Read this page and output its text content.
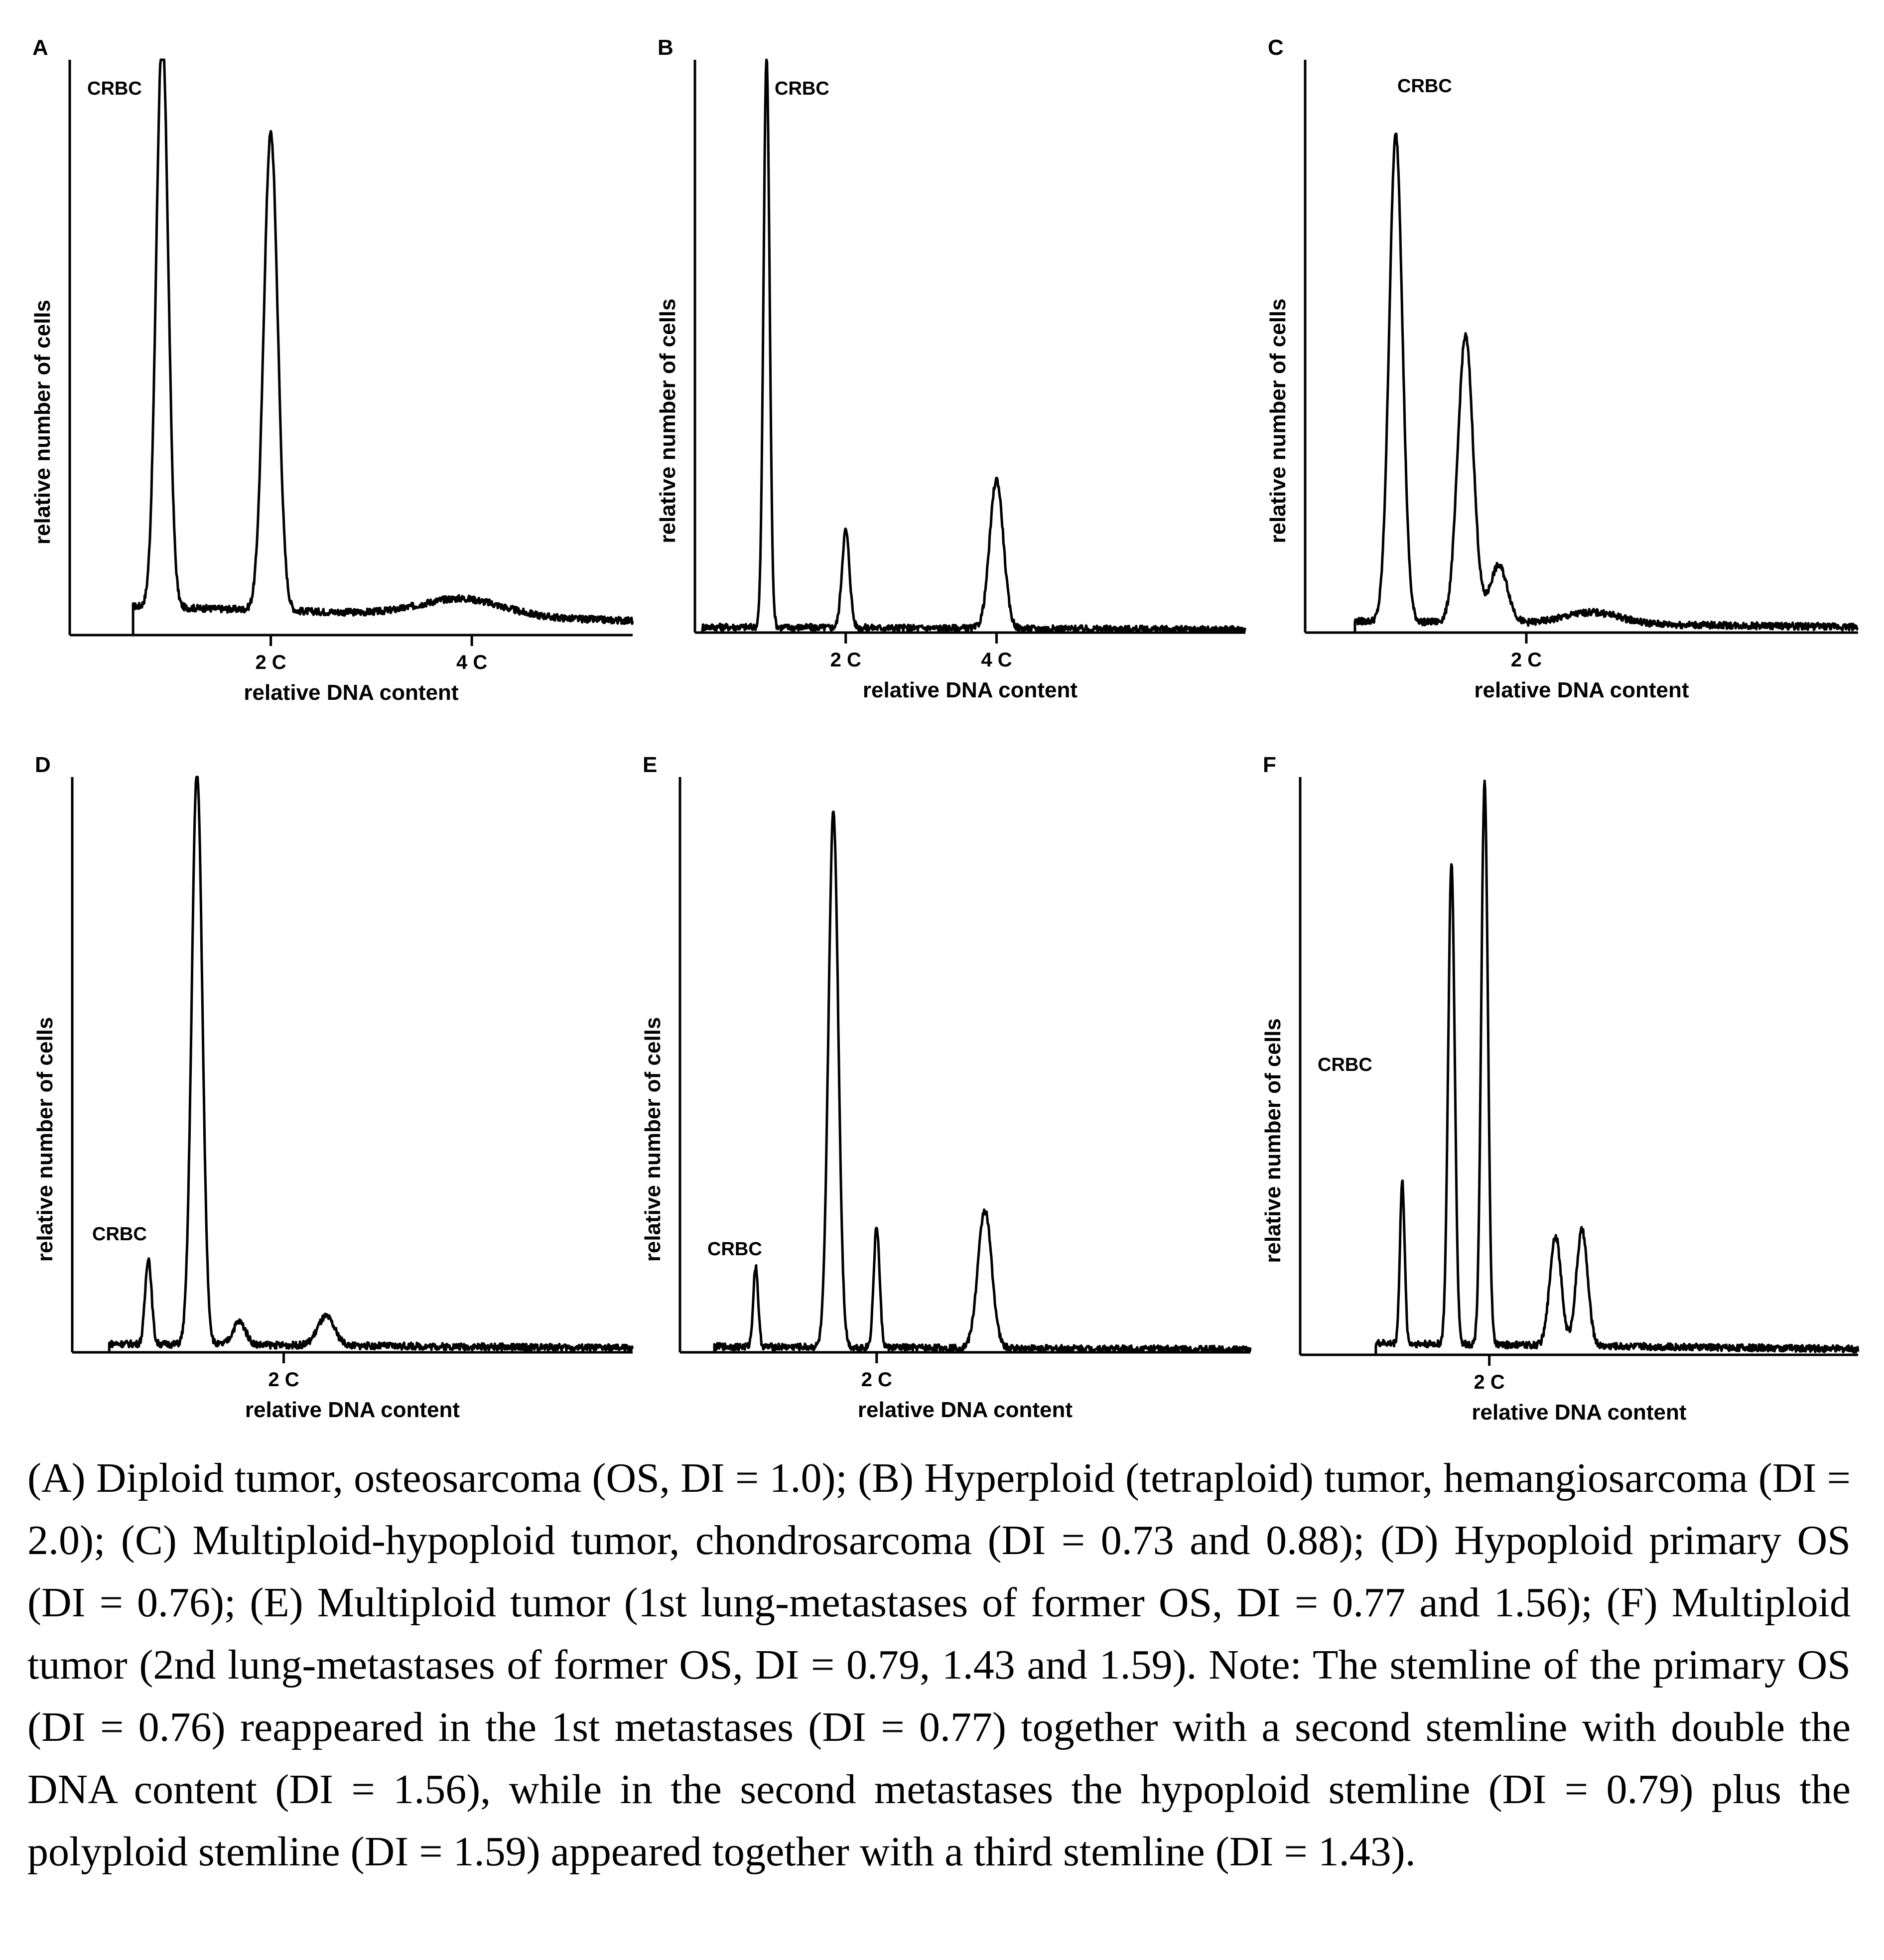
A
2 C	4 C
CRBC
relative DNA content
relative number of cells
B
2 C	4 C
CRBC
relative DNA content
relative number of cells
C
2 C
CRBC
relative DNA content
relative number of cells
D
2 C
CRBC
relative DNA content
relative number of cells
E
2 C
CRBC
relative DNA content
relative number of cells
F
2 C
CRBC
relative DNA content
relative number of cells
(A) Diploid tumor, osteosarcoma (OS, DI = 1.0); (B) Hyperploid (tetraploid) tumor, hemangiosarcoma (DI = 2.0); (C) Multiploid-hypoploid tumor, chondrosarcoma (DI = 0.73 and 0.88); (D) Hypoploid primary OS (DI = 0.76); (E) Multiploid tumor (1st lung-metastases of former OS, DI = 0.77 and 1.56); (F) Multiploid tumor (2nd lung-metastases of former OS, DI = 0.79, 1.43 and 1.59). Note: The stemline of the primary OS (DI = 0.76) reappeared in the 1st metastases (DI = 0.77) together with a second stemline with double the DNA content (DI = 1.56), while in the second metastases the hypoploid stemline (DI = 0.79) plus the polyploid stemline (DI = 1.59) appeared together with a third stemline (DI = 1.43).
